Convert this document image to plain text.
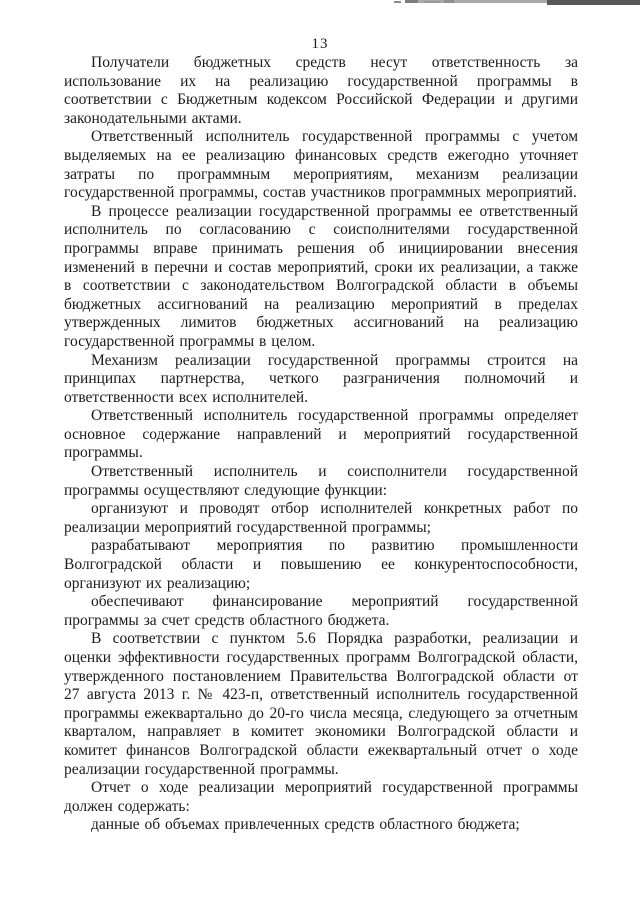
13

Получатели бюджетных средств несут ответственность за использование их на реализацию государственной программы в соответствии с Бюджетным кодексом Российской Федерации и другими законодательными актами.

Ответственный исполнитель государственной программы с учетом выделяемых на ее реализацию финансовых средств ежегодно уточняет затраты по программным мероприятиям, механизм реализации государственной программы, состав участников программных мероприятий.

В процессе реализации государственной программы ее ответственный исполнитель по согласованию с соисполнителями государственной программы вправе принимать решения об инициировании внесения изменений в перечни и состав мероприятий, сроки их реализации, а также в соответствии с законодательством Волгоградской области в объемы бюджетных ассигнований на реализацию мероприятий в пределах утвержденных лимитов бюджетных ассигнований на реализацию государственной программы в целом.

Механизм реализации государственной программы строится на принципах партнерства, четкого разграничения полномочий и ответственности всех исполнителей.

Ответственный исполнитель государственной программы определяет основное содержание направлений и мероприятий государственной программы.

Ответственный исполнитель и соисполнители государственной программы осуществляют следующие функции:

организуют и проводят отбор исполнителей конкретных работ по реализации мероприятий государственной программы;

разрабатывают мероприятия по развитию промышленности Волгоградской области и повышению ее конкурентоспособности, организуют их реализацию;

обеспечивают финансирование мероприятий государственной программы за счет средств областного бюджета.

В соответствии с пунктом 5.6 Порядка разработки, реализации и оценки эффективности государственных программ Волгоградской области, утвержденного постановлением Правительства Волгоградской области от 27 августа 2013 г. № 423-п, ответственный исполнитель государственной программы ежеквартально до 20-го числа месяца, следующего за отчетным кварталом, направляет в комитет экономики Волгоградской области и комитет финансов Волгоградской области ежеквартальный отчет о ходе реализации государственной программы.

Отчет о ходе реализации мероприятий государственной программы должен содержать:

данные об объемах привлеченных средств областного бюджета;
